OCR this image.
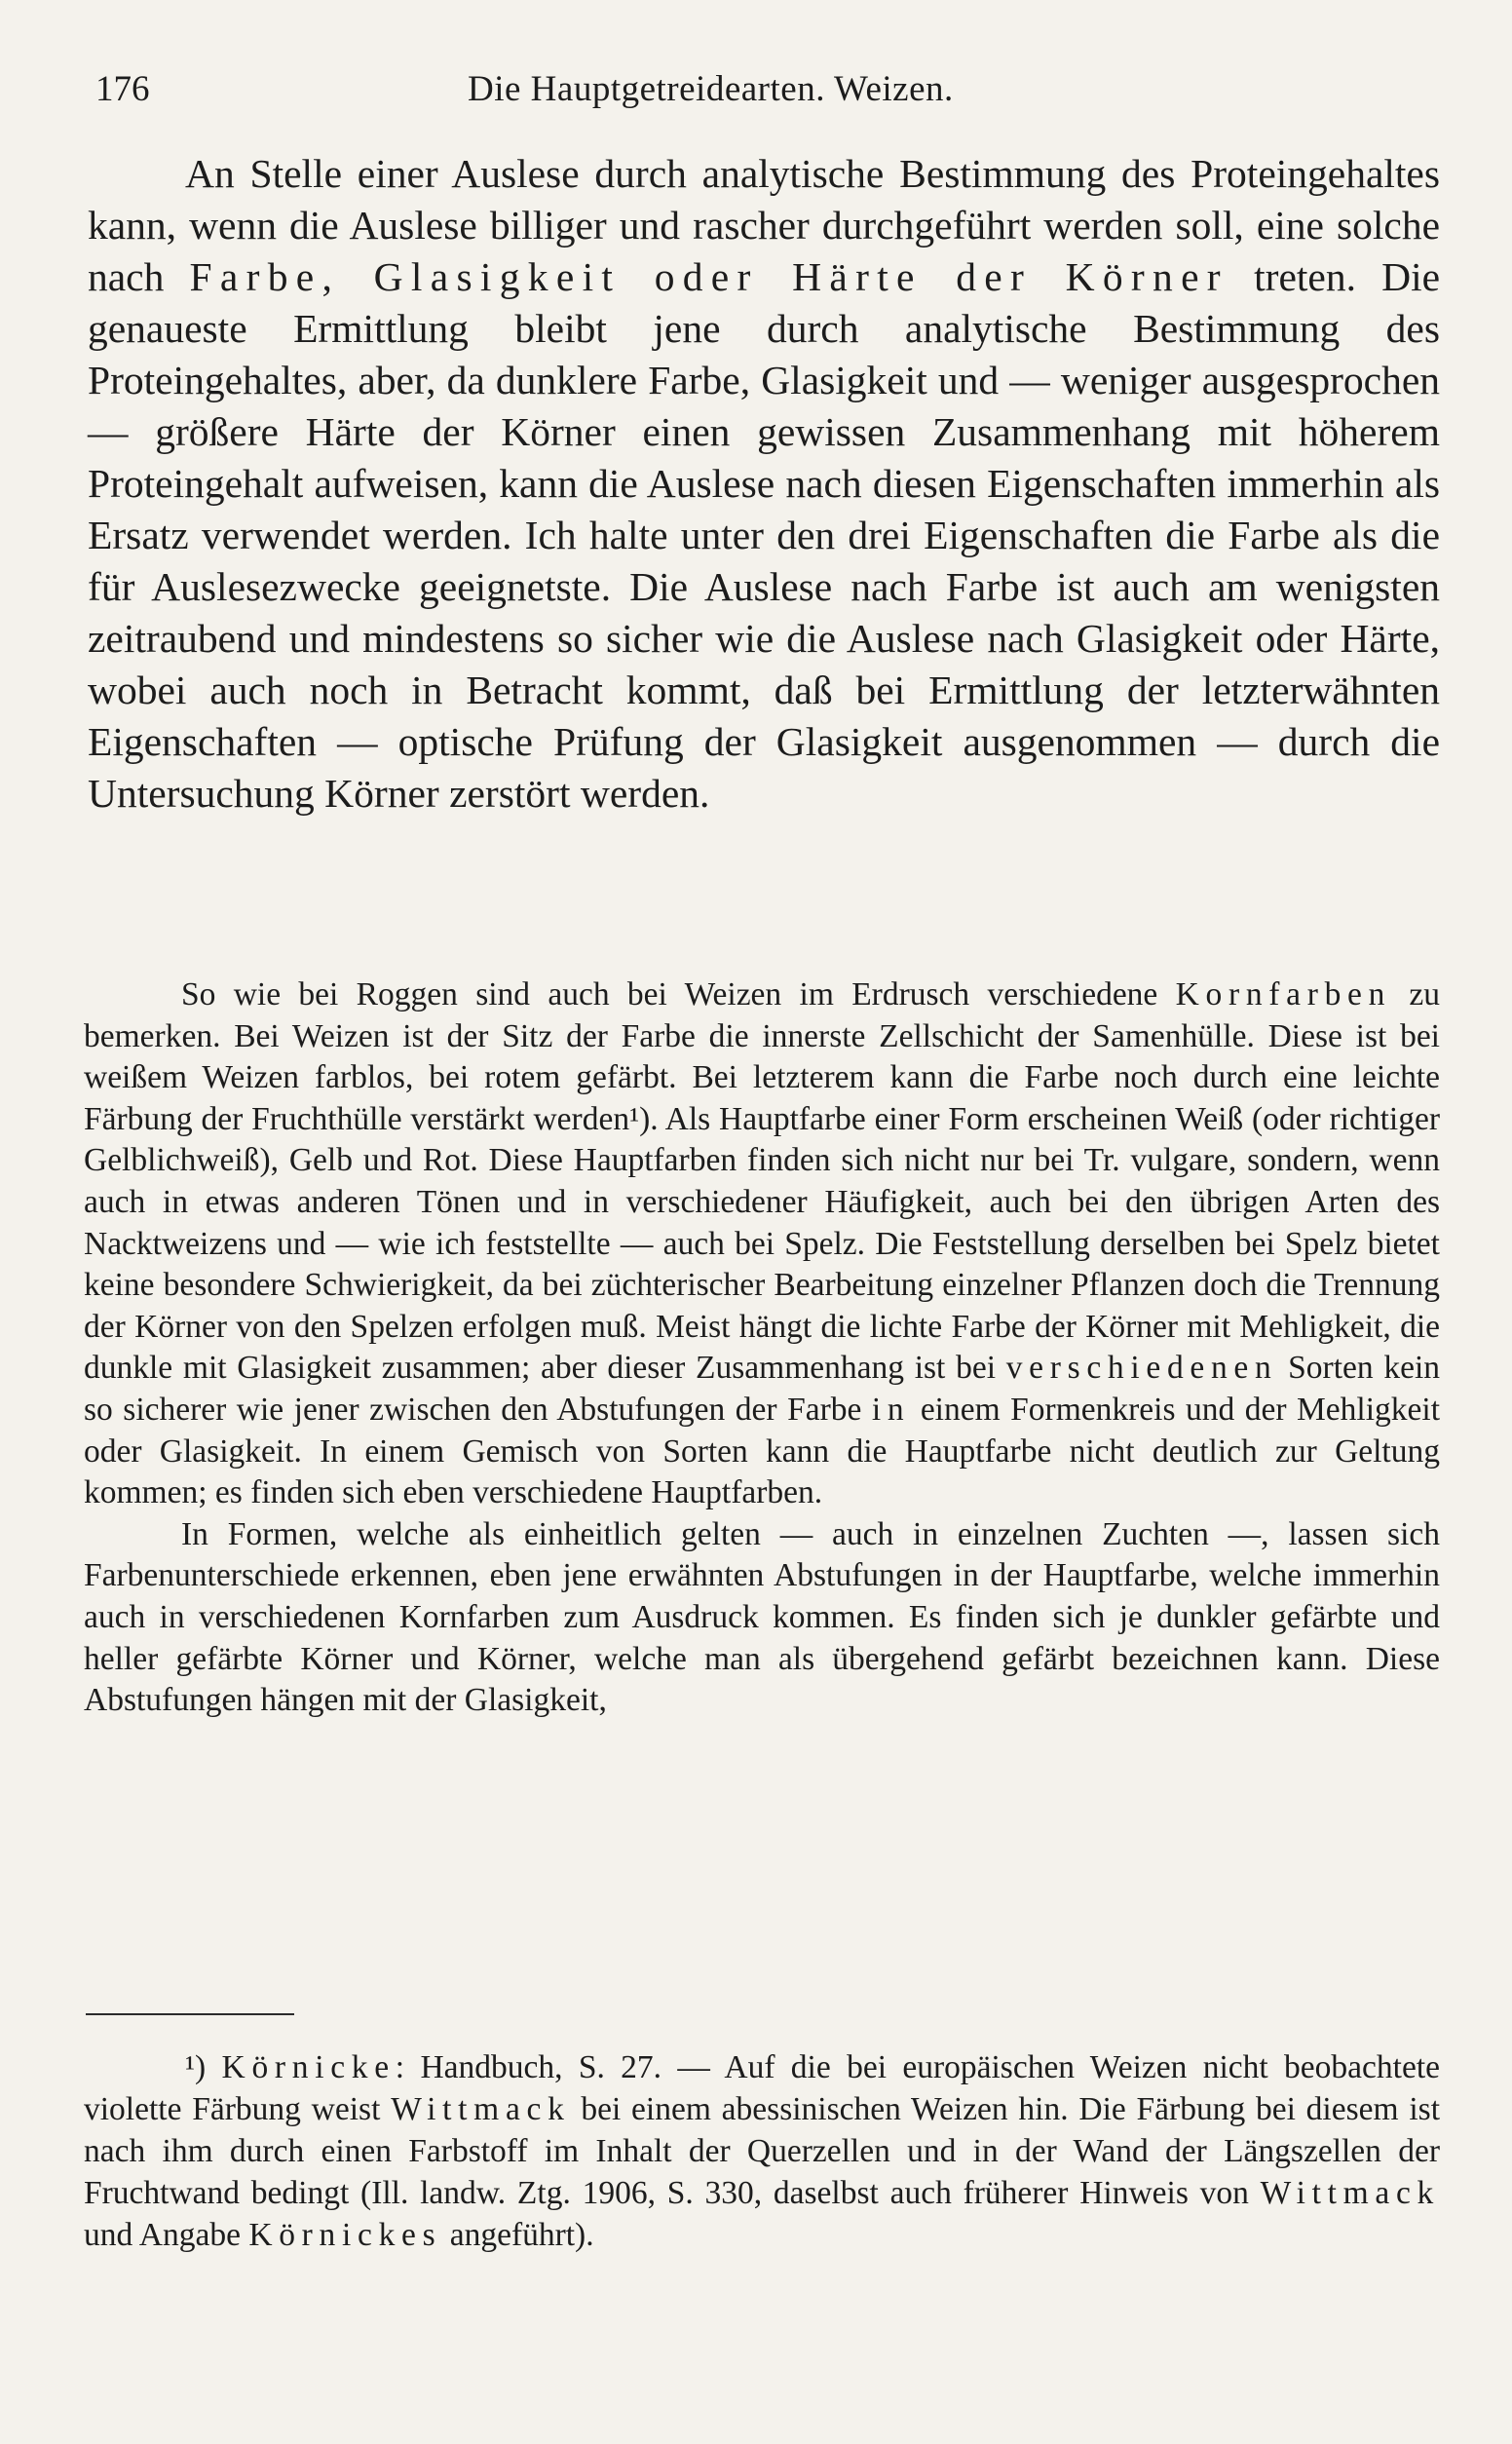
176	Die Hauptgetreidearten. Weizen.

An Stelle einer Auslese durch analytische Bestimmung des Proteingehaltes kann, wenn die Auslese billiger und rascher durchgeführt werden soll, eine solche nach Farbe, Glasigkeit oder Härte der Körner treten. Die genaueste Ermittlung bleibt jene durch analytische Bestimmung des Proteingehaltes, aber, da dunklere Farbe, Glasigkeit und — weniger ausgesprochen — größere Härte der Körner einen gewissen Zusammenhang mit höherem Proteingehalt aufweisen, kann die Auslese nach diesen Eigenschaften immerhin als Ersatz verwendet werden. Ich halte unter den drei Eigenschaften die Farbe als die für Auslesezwecke geeignetste. Die Auslese nach Farbe ist auch am wenigsten zeitraubend und mindestens so sicher wie die Auslese nach Glasigkeit oder Härte, wobei auch noch in Betracht kommt, daß bei Ermittlung der letzterwähnten Eigenschaften — optische Prüfung der Glasigkeit ausgenommen — durch die Untersuchung Körner zerstört werden.

So wie bei Roggen sind auch bei Weizen im Erdrusch verschiedene Kornfarben zu bemerken. Bei Weizen ist der Sitz der Farbe die innerste Zellschicht der Samenhülle. Diese ist bei weißem Weizen farblos, bei rotem gefärbt. Bei letzterem kann die Farbe noch durch eine leichte Färbung der Fruchthülle verstärkt werden¹). Als Hauptfarbe einer Form erscheinen Weiß (oder richtiger Gelblichweiß), Gelb und Rot. Diese Hauptfarben finden sich nicht nur bei Tr. vulgare, sondern, wenn auch in etwas anderen Tönen und in verschiedener Häufigkeit, auch bei den übrigen Arten des Nacktweizens und — wie ich feststellte — auch bei Spelz. Die Feststellung derselben bei Spelz bietet keine besondere Schwierigkeit, da bei züchterischer Bearbeitung einzelner Pflanzen doch die Trennung der Körner von den Spelzen erfolgen muß. Meist hängt die lichte Farbe der Körner mit Mehligkeit, die dunkle mit Glasigkeit zusammen; aber dieser Zusammenhang ist bei verschiedenen Sorten kein so sicherer wie jener zwischen den Abstufungen der Farbe in einem Formenkreis und der Mehligkeit oder Glasigkeit. In einem Gemisch von Sorten kann die Hauptfarbe nicht deutlich zur Geltung kommen; es finden sich eben verschiedene Hauptfarben.

In Formen, welche als einheitlich gelten — auch in einzelnen Zuchten —, lassen sich Farbenunterschiede erkennen, eben jene erwähnten Abstufungen in der Hauptfarbe, welche immerhin auch in verschiedenen Kornfarben zum Ausdruck kommen. Es finden sich je dunkler gefärbte und heller gefärbte Körner und Körner, welche man als übergehend gefärbt bezeichnen kann. Diese Abstufungen hängen mit der Glasigkeit,

¹) Körnicke: Handbuch, S. 27. — Auf die bei europäischen Weizen nicht beobachtete violette Färbung weist Wittmack bei einem abessinischen Weizen hin. Die Färbung bei diesem ist nach ihm durch einen Farbstoff im Inhalt der Querzellen und in der Wand der Längszellen der Fruchtwand bedingt (Ill. landw. Ztg. 1906, S. 330, daselbst auch früherer Hinweis von Wittmack und Angabe Körnickes angeführt).
